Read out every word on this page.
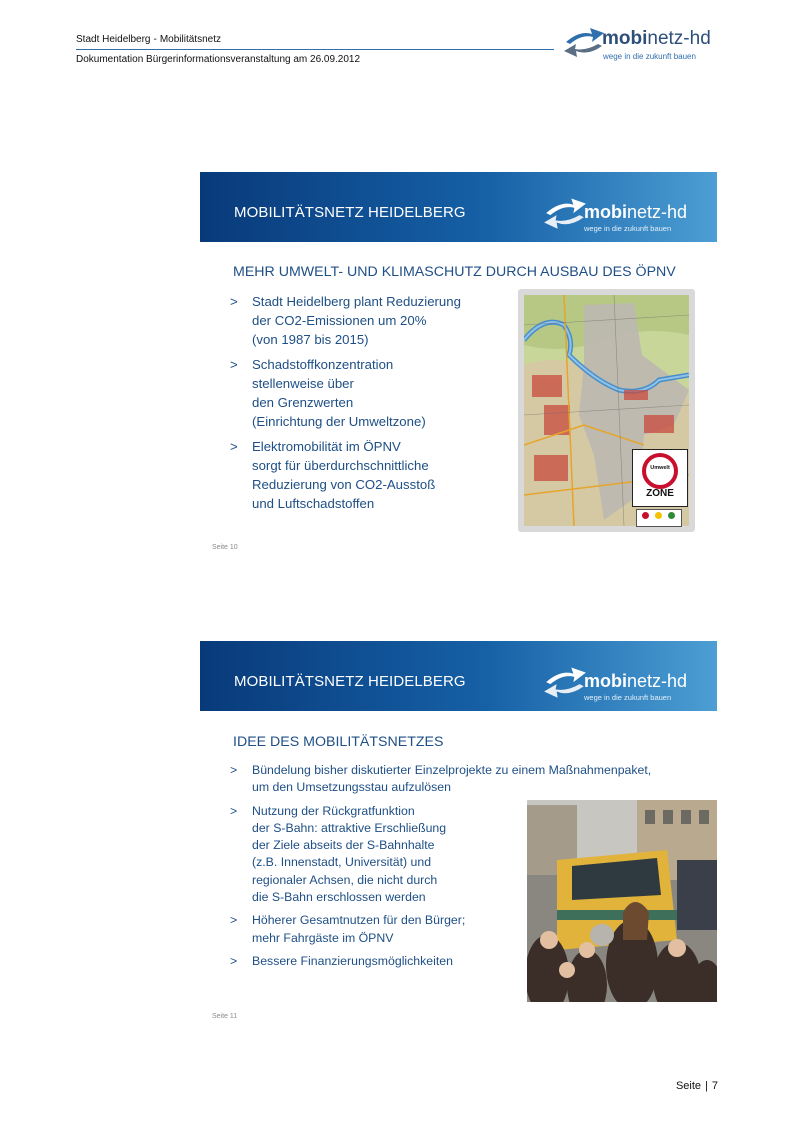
Stadt Heidelberg - Mobilitätsnetz
Dokumentation Bürgerinformationsveranstaltung am 26.09.2012
mobinetz-hd
wege in die zukunft bauen
MOBILITÄTSNETZ HEIDELBERG	mobinetz-hd
wege in die zukunft bauen
MEHR UMWELT- UND KLIMASCHUTZ DURCH AUSBAU DES ÖPNV
> Stadt Heidelberg plant Reduzierung
der CO2-Emissionen um 20%
(von 1987 bis 2015)
> Schadstoffkonzentration
stellenweise über
den Grenzwerten
(Einrichtung der Umweltzone)
> Elektromobilität im ÖPNV
sorgt für überdurchschnittliche
Reduzierung von CO2-Ausstoß
und Luftschadstoffen
Umwelt
ZONE
Seite 10
MOBILITÄTSNETZ HEIDELBERG	mobinetz-hd
wege in die zukunft bauen
IDEE DES MOBILITÄTSNETZES
> Bündelung bisher diskutierter Einzelprojekte zu einem Maßnahmenpaket,
um den Umsetzungsstau aufzulösen
> Nutzung der Rückgratfunktion
der S-Bahn: attraktive Erschließung
der Ziele abseits der S-Bahnhalte
(z.B. Innenstadt, Universität) und
regionaler Achsen, die nicht durch
die S-Bahn erschlossen werden
> Höherer Gesamtnutzen für den Bürger;
mehr Fahrgäste im ÖPNV
> Bessere Finanzierungsmöglichkeiten
Seite 11
Seite | 7
